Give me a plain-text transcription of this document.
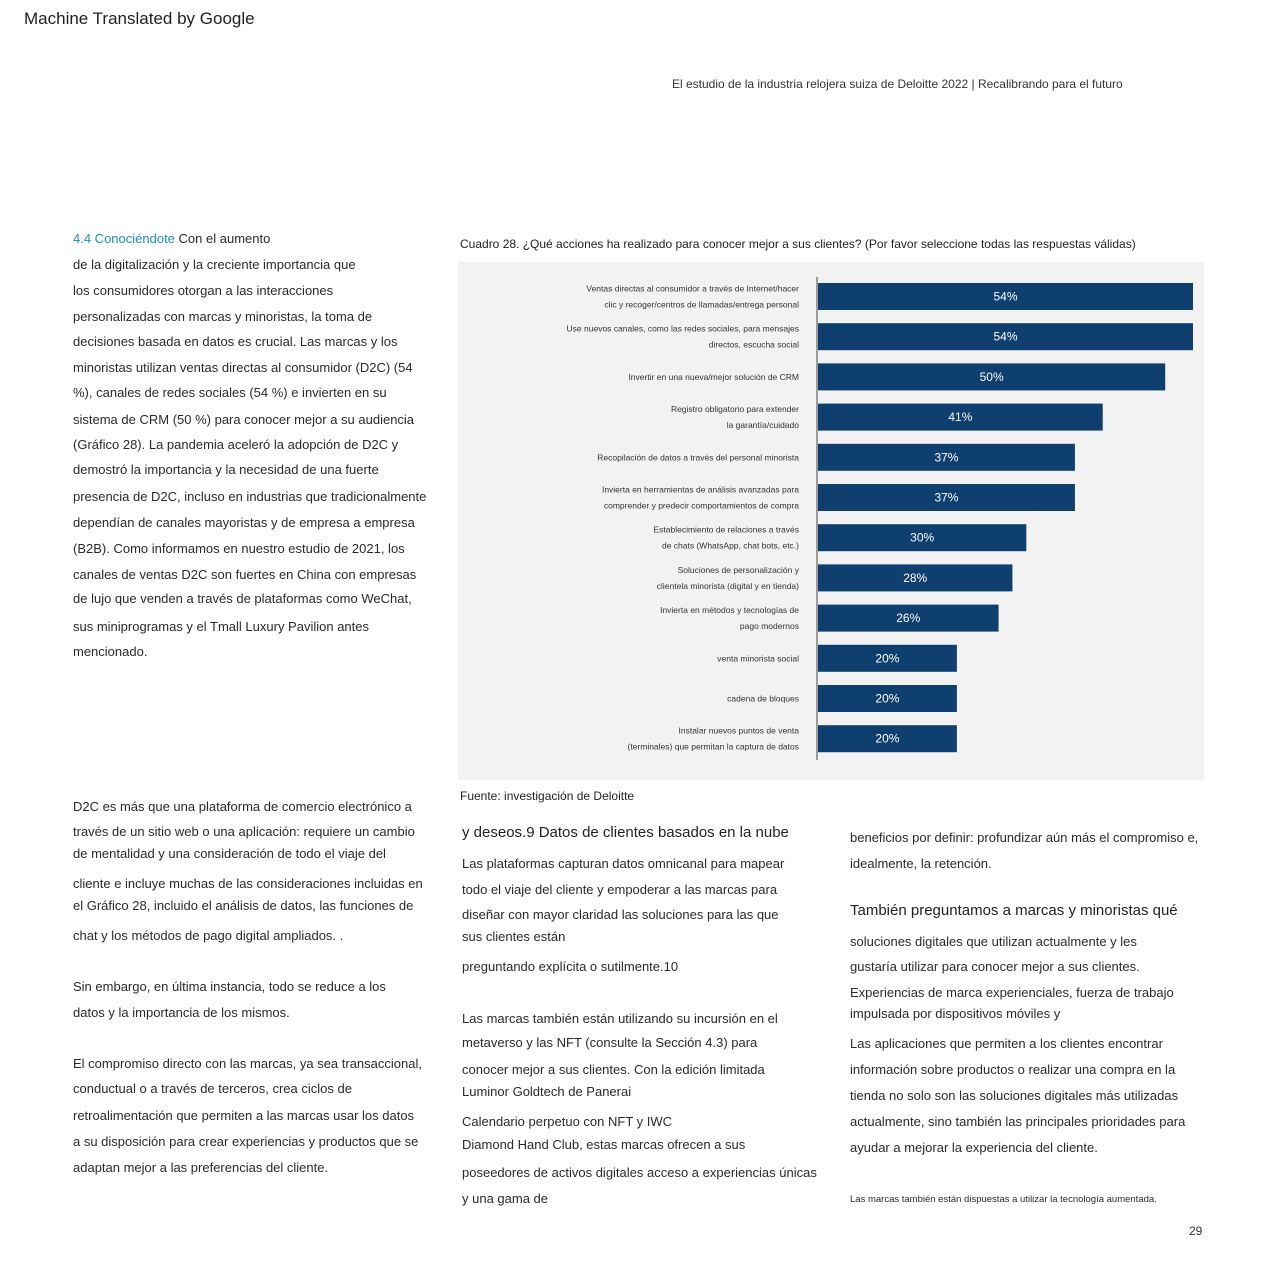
Machine Translated by Google
El estudio de la industria relojera suiza de Deloitte 2022 | Recalibrando para el futuro
4.4 Conociéndote Con el aumento
de la digitalización y la creciente importancia que
los consumidores otorgan a las interacciones
personalizadas con marcas y minoristas, la toma de
decisiones basada en datos es crucial. Las marcas y los
minoristas utilizan ventas directas al consumidor (D2C) (54
%), canales de redes sociales (54 %) e invierten en su
sistema de CRM (50 %) para conocer mejor a su audiencia
(Gráfico 28). La pandemia aceleró la adopción de D2C y
demostró la importancia y la necesidad de una fuerte
presencia de D2C, incluso en industrias que tradicionalmente
dependían de canales mayoristas y de empresa a empresa
(B2B). Como informamos en nuestro estudio de 2021, los
canales de ventas D2C son fuertes en China con empresas
de lujo que venden a través de plataformas como WeChat,
sus miniprogramas y el Tmall Luxury Pavilion antes
mencionado.
D2C es más que una plataforma de comercio electrónico a
través de un sitio web o una aplicación: requiere un cambio
de mentalidad y una consideración de todo el viaje del
cliente e incluye muchas de las consideraciones incluidas en
el Gráfico 28, incluido el análisis de datos, las funciones de
chat y los métodos de pago digital ampliados. .
Sin embargo, en última instancia, todo se reduce a los
datos y la importancia de los mismos.
El compromiso directo con las marcas, ya sea transaccional,
conductual o a través de terceros, crea ciclos de
retroalimentación que permiten a las marcas usar los datos
a su disposición para crear experiencias y productos que se
adaptan mejor a las preferencias del cliente.
Cuadro 28. ¿Qué acciones ha realizado para conocer mejor a sus clientes? (Por favor seleccione todas las respuestas válidas)
54%
Ventas directas al consumidor a través de Internet/hacer
clic y recoger/centros de llamadas/entrega personal
54%
Use nuevos canales, como las redes sociales, para mensajes
directos, escucha social
50%
Invertir en una nueva/mejor solución de CRM
41%
Registro obligatorio para extender
la garantía/cuidado
37%
Recopilación de datos a través del personal minorista
37%
Invierta en herramientas de análisis avanzadas para
comprender y predecir comportamientos de compra
30%
Establecimiento de relaciones a través
de chats (WhatsApp, chat bots, etc.)
28%
Soluciones de personalización y
clientela minorista (digital y en tienda)
26%
Invierta en métodos y tecnologías de
pago modernos
20%
venta minorista social
20%
cadena de bloques
20%
Instalar nuevos puntos de venta
(terminales) que permitan la captura de datos
Fuente: investigación de Deloitte
y deseos.9 Datos de clientes basados en la nube
Las plataformas capturan datos omnicanal para mapear
todo el viaje del cliente y empoderar a las marcas para
diseñar con mayor claridad las soluciones para las que
sus clientes están
preguntando explícita o sutilmente.10
Las marcas también están utilizando su incursión en el
metaverso y las NFT (consulte la Sección 4.3) para
conocer mejor a sus clientes. Con la edición limitada
Luminor Goldtech de Panerai
Calendario perpetuo con NFT y IWC
Diamond Hand Club, estas marcas ofrecen a sus
poseedores de activos digitales acceso a experiencias únicas
y una gama de
beneficios por definir: profundizar aún más el compromiso e,
idealmente, la retención.
También preguntamos a marcas y minoristas qué
soluciones digitales que utilizan actualmente y les
gustaría utilizar para conocer mejor a sus clientes.
Experiencias de marca experienciales, fuerza de trabajo
impulsada por dispositivos móviles y
Las aplicaciones que permiten a los clientes encontrar
información sobre productos o realizar una compra en la
tienda no solo son las soluciones digitales más utilizadas
actualmente, sino también las principales prioridades para
ayudar a mejorar la experiencia del cliente.
Las marcas también están dispuestas a utilizar la tecnología aumentada.
29
